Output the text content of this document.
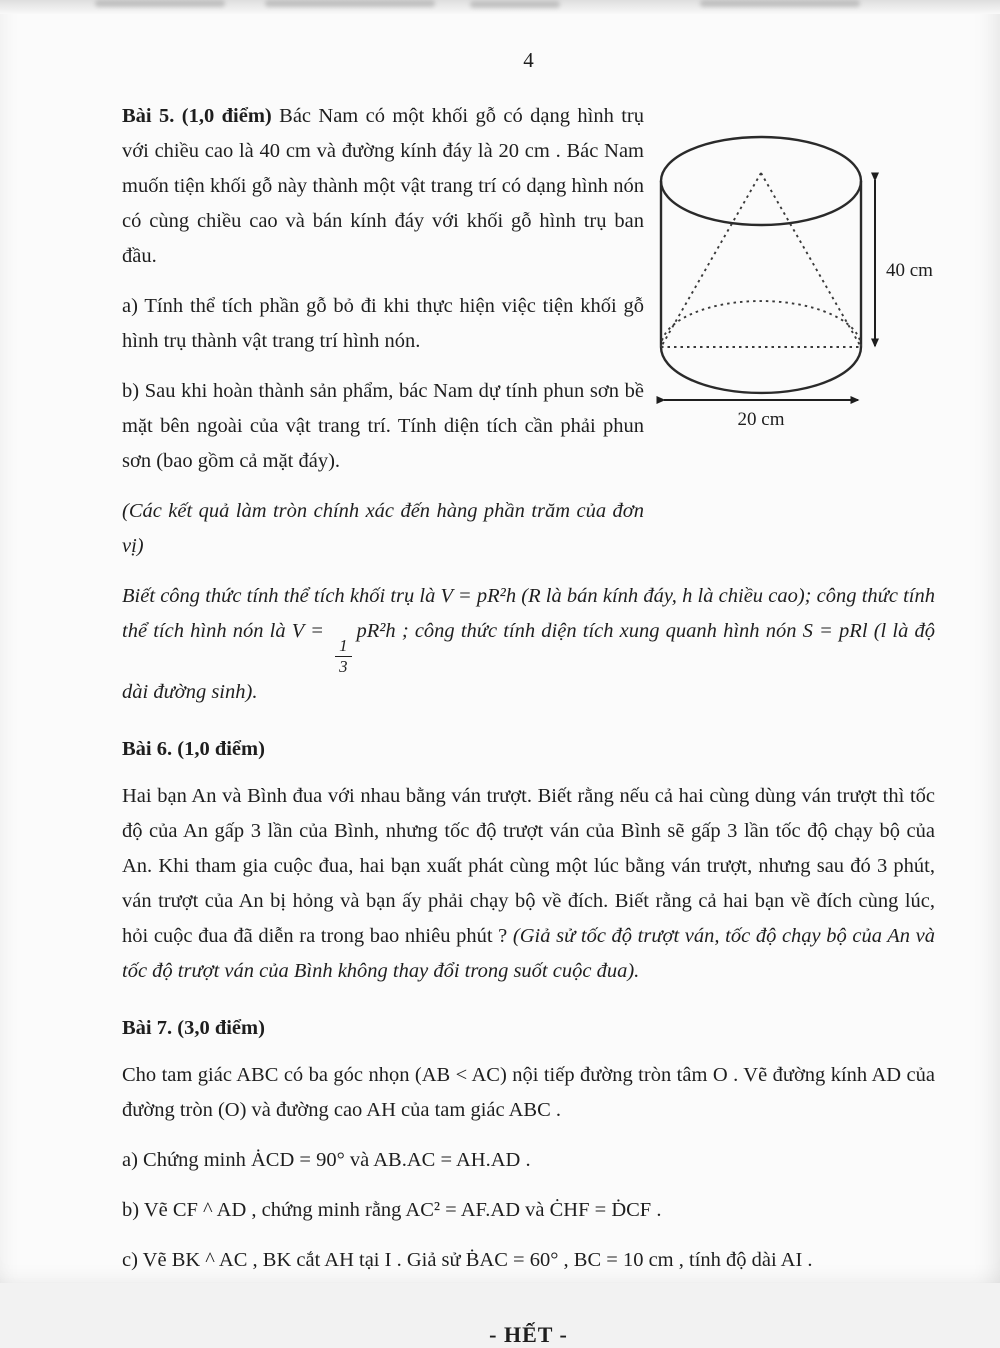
4

Bài 5. (1,0 điểm) Bác Nam có một khối gỗ có dạng hình trụ với chiều cao là 40 cm và đường kính đáy là 20 cm . Bác Nam muốn tiện khối gỗ này thành một vật trang trí có dạng hình nón có cùng chiều cao và bán kính đáy với khối gỗ hình trụ ban đầu.

a) Tính thể tích phần gỗ bỏ đi khi thực hiện việc tiện khối gỗ hình trụ thành vật trang trí hình nón.

b) Sau khi hoàn thành sản phẩm, bác Nam dự tính phun sơn bề mặt bên ngoài của vật trang trí. Tính diện tích cần phải phun sơn (bao gồm cả mặt đáy).

(Các kết quả làm tròn chính xác đến hàng phần trăm của đơn vị)

Biết công thức tính thể tích khối trụ là V = pR²h (R là bán kính đáy, h là chiều cao); công thức tính thể tích hình nón là V =
$\frac{1}{3}$
pR²h ; công thức tính diện tích xung quanh hình nón S = pRl (l là độ dài đường sinh).

Bài 6. (1,0 điểm)

Hai bạn An và Bình đua với nhau bằng ván trượt. Biết rằng nếu cả hai cùng dùng ván trượt thì tốc độ của An gấp 3 lần của Bình, nhưng tốc độ trượt ván của Bình sẽ gấp 3 lần tốc độ chạy bộ của An. Khi tham gia cuộc đua, hai bạn xuất phát cùng một lúc bằng ván trượt, nhưng sau đó 3 phút, ván trượt của An bị hỏng và bạn ấy phải chạy bộ về đích. Biết rằng cả hai bạn về đích cùng lúc, hỏi cuộc đua đã diễn ra trong bao nhiêu phút ? (Giả sử tốc độ trượt ván, tốc độ chạy bộ của An và tốc độ trượt ván của Bình không thay đổi trong suốt cuộc đua).

Bài 7. (3,0 điểm)

Cho tam giác ABC có ba góc nhọn (AB < AC) nội tiếp đường tròn tâm O . Vẽ đường kính AD của đường tròn (O) và đường cao AH của tam giác ABC .

a) Chứng minh ȦCD = 90° và AB.AC = AH.AD .

b) Vẽ CF ^ AD , chứng minh rằng AC² = AF.AD và ĊHF = ḊCF .

c) Vẽ BK ^ AC , BK cắt AH tại I . Giả sử ḂAC = 60° , BC = 10 cm , tính độ dài AI .

- HẾT -
40 cm
20 cm
